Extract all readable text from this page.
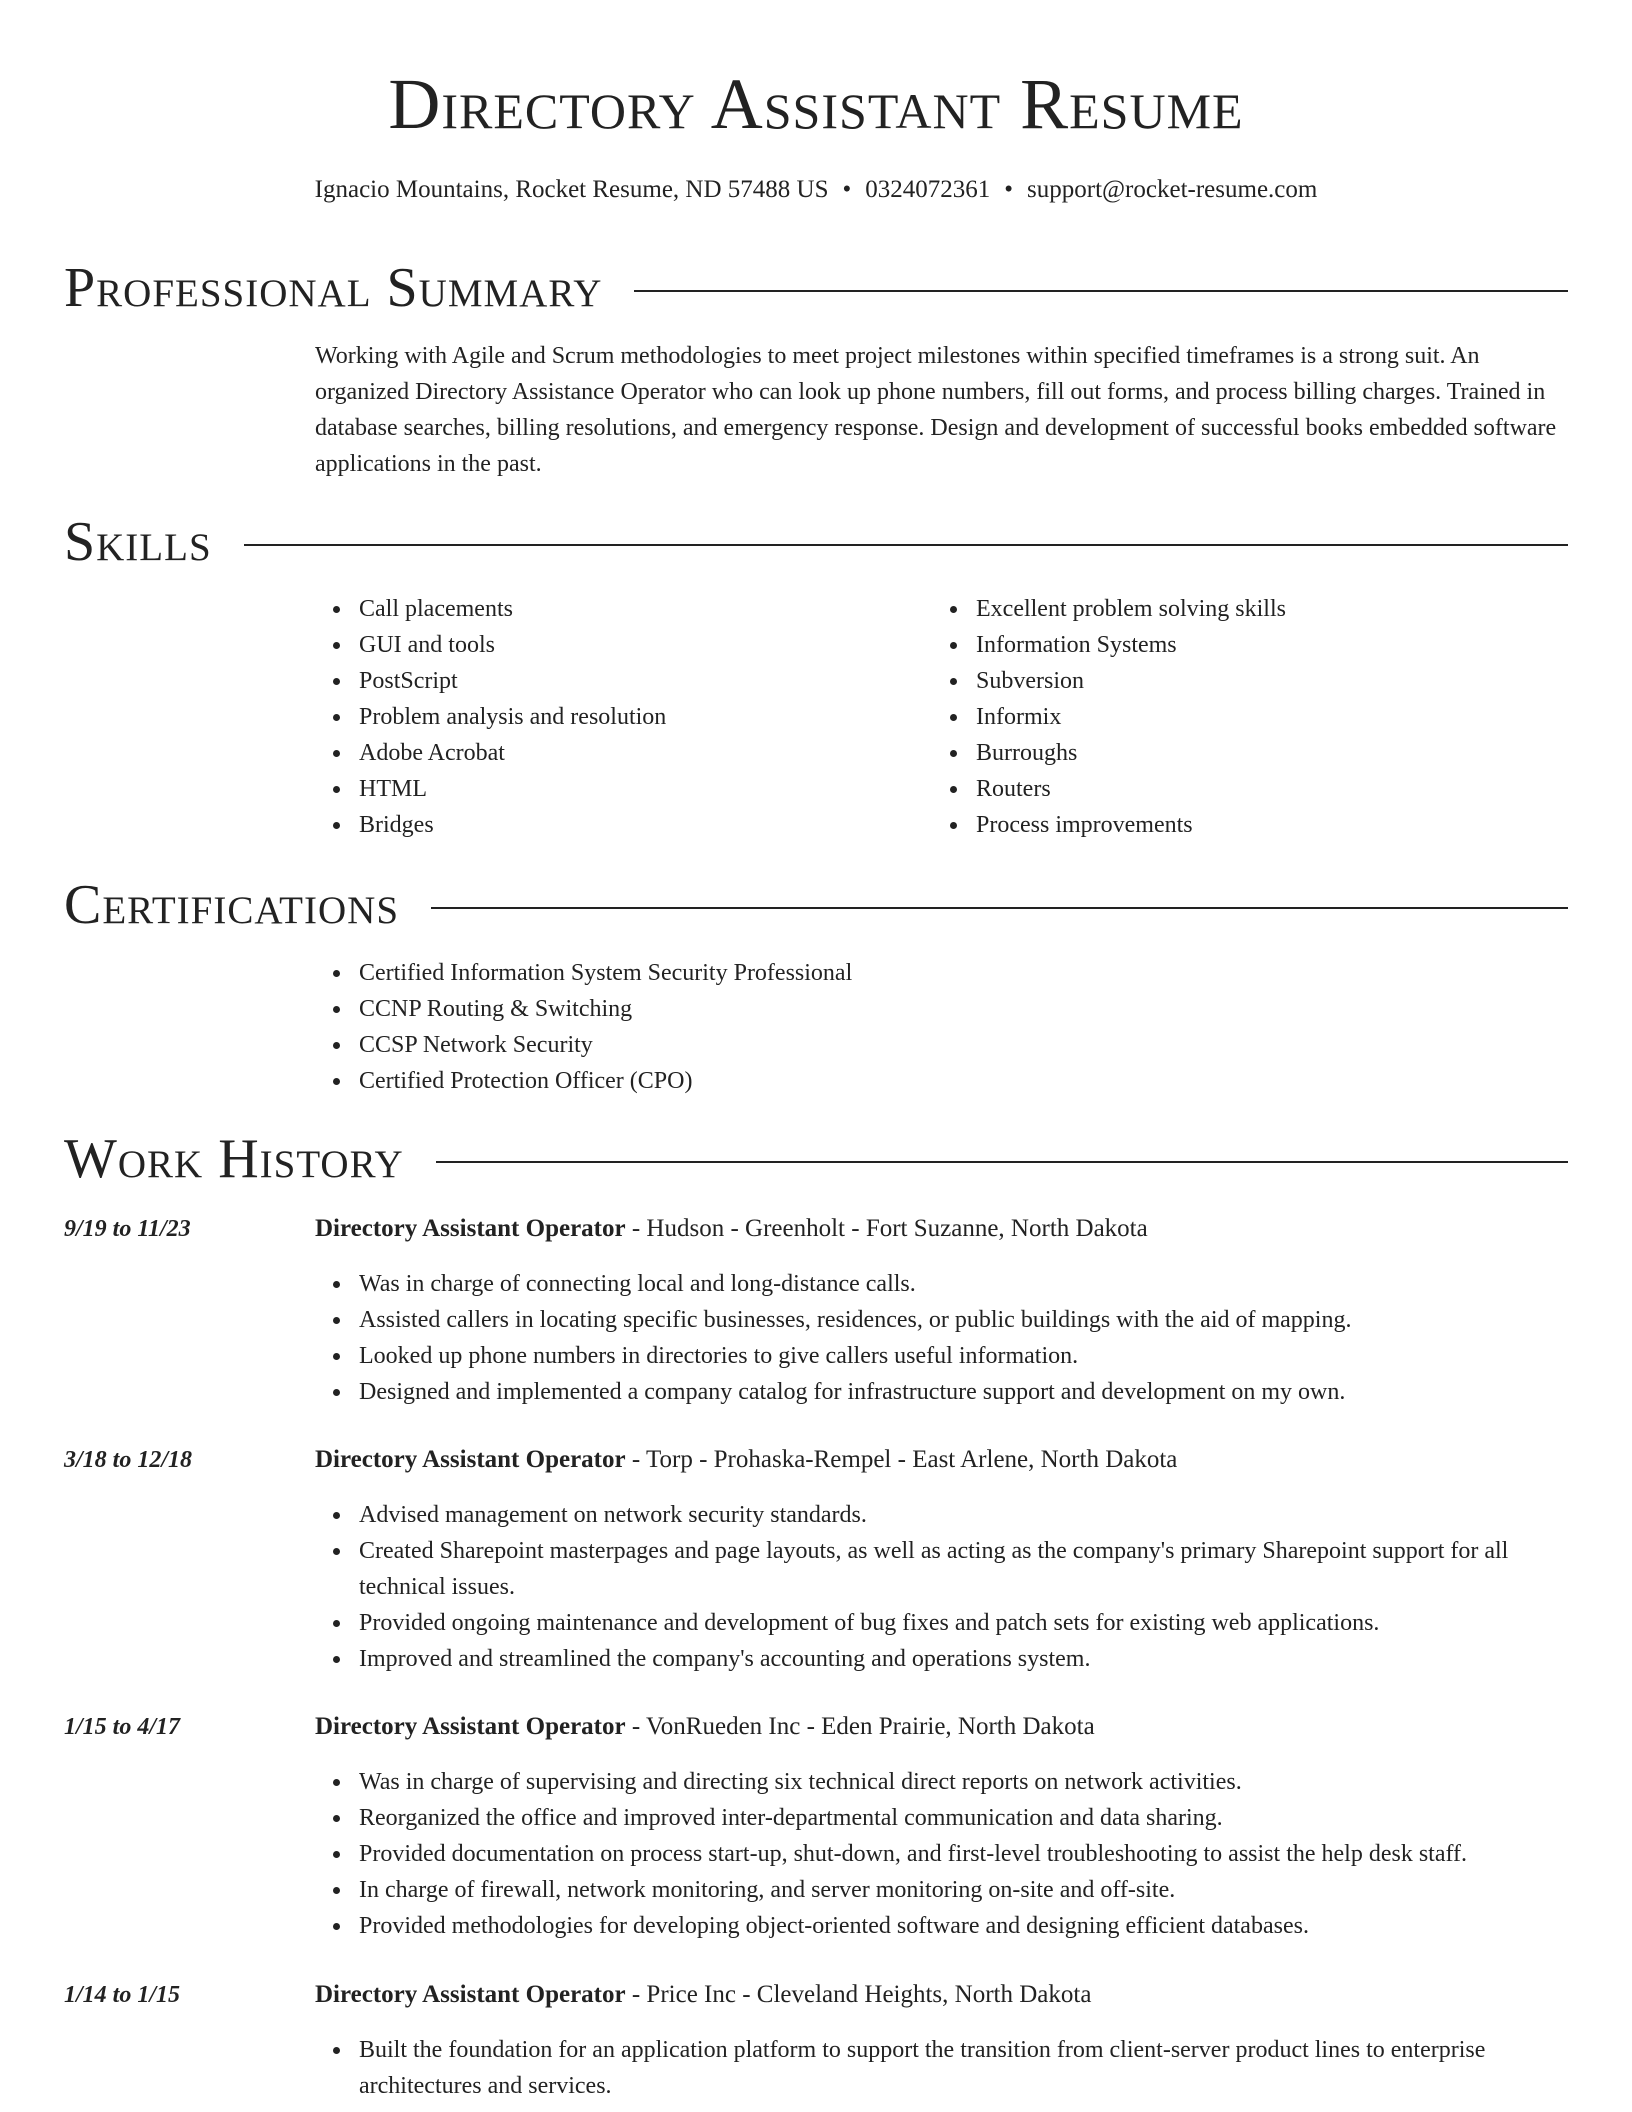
Directory Assistant Resume
Ignacio Mountains, Rocket Resume, ND 57488 US • 0324072361 • support@rocket-resume.com
Professional Summary

Working with Agile and Scrum methodologies to meet project milestones within specified timeframes is a strong suit. An organized Directory Assistance Operator who can look up phone numbers, fill out forms, and process billing charges. Trained in database searches, billing resolutions, and emergency response. Design and development of successful books embedded software applications in the past.

Skills
Call placements
GUI and tools
PostScript
Problem analysis and resolution
Adobe Acrobat
HTML
Bridges
Excellent problem solving skills
Information Systems
Subversion
Informix
Burroughs
Routers
Process improvements
Certifications
Certified Information System Security Professional
CCNP Routing & Switching
CCSP Network Security
Certified Protection Officer (CPO)
Work History
9/19 to 11/23	Directory Assistant Operator - Hudson - Greenholt - Fort Suzanne, North Dakota
Was in charge of connecting local and long-distance calls.
Assisted callers in locating specific businesses, residences, or public buildings with the aid of mapping.
Looked up phone numbers in directories to give callers useful information.
Designed and implemented a company catalog for infrastructure support and development on my own.
3/18 to 12/18	Directory Assistant Operator - Torp - Prohaska-Rempel - East Arlene, North Dakota
Advised management on network security standards.
Created Sharepoint masterpages and page layouts, as well as acting as the company's primary Sharepoint support for all technical issues.
Provided ongoing maintenance and development of bug fixes and patch sets for existing web applications.
Improved and streamlined the company's accounting and operations system.
1/15 to 4/17	Directory Assistant Operator - VonRueden Inc - Eden Prairie, North Dakota
Was in charge of supervising and directing six technical direct reports on network activities.
Reorganized the office and improved inter-departmental communication and data sharing.
Provided documentation on process start-up, shut-down, and first-level troubleshooting to assist the help desk staff.
In charge of firewall, network monitoring, and server monitoring on-site and off-site.
Provided methodologies for developing object-oriented software and designing efficient databases.
1/14 to 1/15	Directory Assistant Operator - Price Inc - Cleveland Heights, North Dakota
Built the foundation for an application platform to support the transition from client-server product lines to enterprise architectures and services.
